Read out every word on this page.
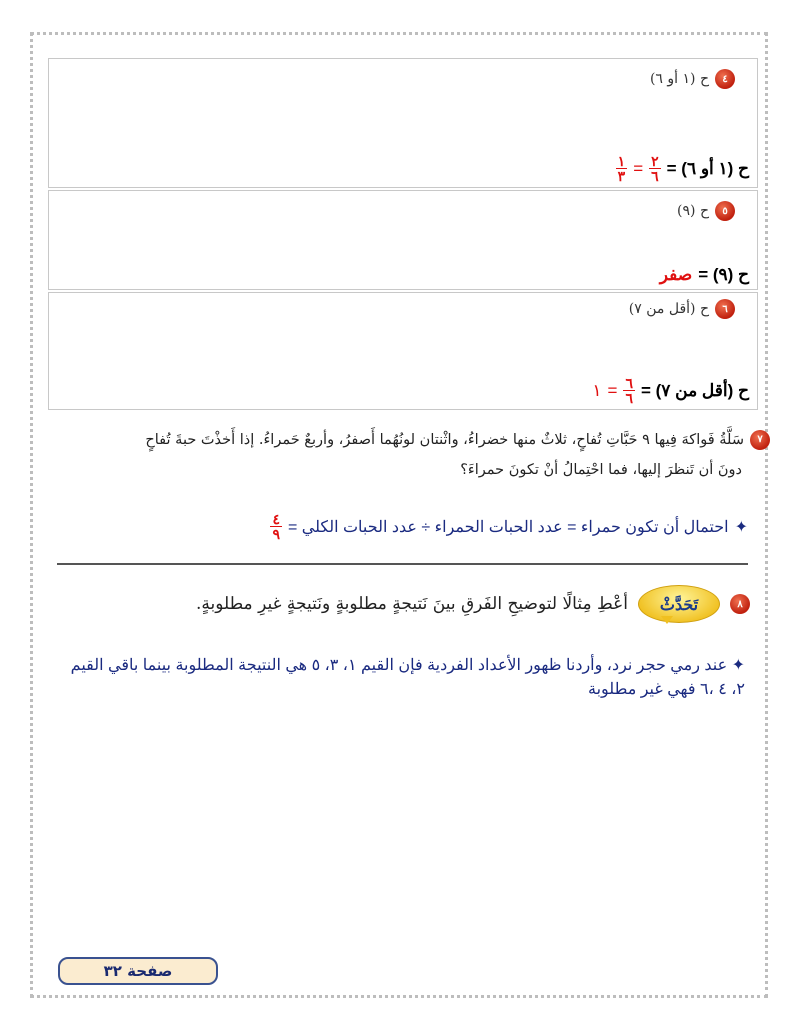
٤
ح (١ أو ٦)
ح (١ أو ٦) =
$\frac{٢}{٦}$
=
$\frac{١}{٣}$
٥
ح (٩)
ح (٩) =
صفر
٦
ح (أقل من ٧)
ح (أقل من ٧) =
$\frac{٦}{٦}$
=
١
٧سَلَّةُ فَواكهَ فِيها ٩ حَبَّاتِ تُفاحٍ، ثلاثٌ منها خضراءُ، واثْنتان لونُهُما أَصفرُ، وأربعٌ حَمراءُ. إذا أَخذْتَ حبةَ تُفاحٍ
دونَ أن تَنظرَ إليها، فما احْتِمالُ أنْ تكونَ حمراءَ؟
✦
احتمال أن تكون حمراء = عدد الحبات الحمراء ÷ عدد الحبات الكلي =
$\frac{٤}{٩}$
٨
تَحَدَّثْ
أعْطِ مِثالًا لتوضيحِ الفَرقِ بينَ نَتيجةٍ مطلوبةٍ ونَتيجةٍ غيرِ مطلوبةٍ.
✦ عند رمي حجر نرد، وأردنا ظهور الأعداد الفردية فإن القيم ١، ٣، ٥ هي النتيجة المطلوبة بينما باقي القيم ٢، ٤ ،٦ فهي غير مطلوبة
صفحة ٣٢
